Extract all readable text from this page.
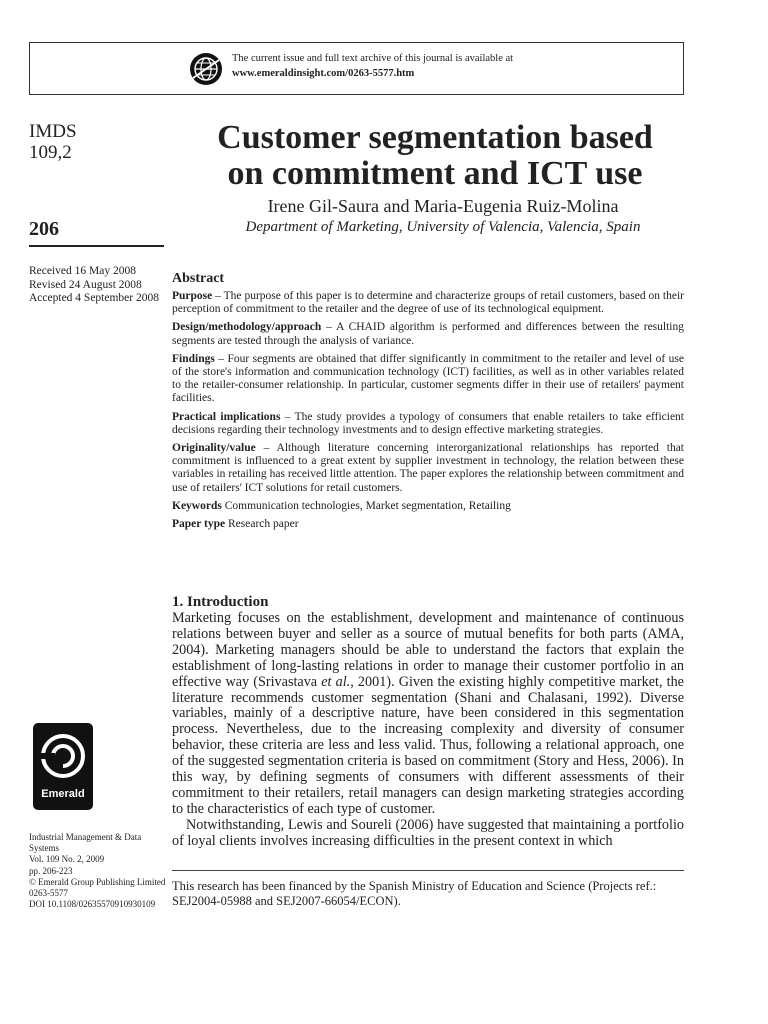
The current issue and full text archive of this journal is available at
www.emeraldinsight.com/0263-5577.htm
IMDS
109,2
206
Received 16 May 2008
Revised 24 August 2008
Accepted 4 September 2008
Customer segmentation based
on commitment and ICT use
Irene Gil-Saura and Maria-Eugenia Ruiz-Molina
Department of Marketing, University of Valencia, Valencia, Spain
Abstract

Purpose – The purpose of this paper is to determine and characterize groups of retail customers, based on their perception of commitment to the retailer and the degree of use of its technological equipment.

Design/methodology/approach – A CHAID algorithm is performed and differences between the resulting segments are tested through the analysis of variance.

Findings – Four segments are obtained that differ significantly in commitment to the retailer and level of use of the store's information and communication technology (ICT) facilities, as well as in other variables related to the retailer-consumer relationship. In particular, customer segments differ in their use of retailers' payment facilities.

Practical implications – The study provides a typology of consumers that enable retailers to take efficient decisions regarding their technology investments and to design effective marketing strategies.

Originality/value – Although literature concerning interorganizational relationships has reported that commitment is influenced to a great extent by supplier investment in technology, the relation between these variables in retailing has received little attention. The paper explores the relationship between commitment and use of retailers' ICT solutions for retail customers.

Keywords Communication technologies, Market segmentation, Retailing

Paper type Research paper

1. Introduction

Marketing focuses on the establishment, development and maintenance of continuous relations between buyer and seller as a source of mutual benefits for both parts (AMA, 2004). Marketing managers should be able to understand the factors that explain the establishment of long-lasting relations in order to manage their customer portfolio in an effective way (Srivastava et al., 2001). Given the existing highly competitive market, the literature recommends customer segmentation (Shani and Chalasani, 1992). Diverse variables, mainly of a descriptive nature, have been considered in this segmentation process. Nevertheless, due to the increasing complexity and diversity of consumer behavior, these criteria are less and less valid. Thus, following a relational approach, one of the suggested segmentation criteria is based on commitment (Story and Hess, 2006). In this way, by defining segments of consumers with different assessments of their commitment to their retailers, retail managers can design marketing strategies according to the characteristics of each type of customer.

Notwithstanding, Lewis and Soureli (2006) have suggested that maintaining a portfolio of loyal clients involves increasing difficulties in the present context in which

This research has been financed by the Spanish Ministry of Education and Science (Projects ref.: SEJ2004-05988 and SEJ2007-66054/ECON).
Emerald
Industrial Management & Data
Systems
Vol. 109 No. 2, 2009
pp. 206-223
© Emerald Group Publishing Limited
0263-5577
DOI 10.1108/02635570910930109
